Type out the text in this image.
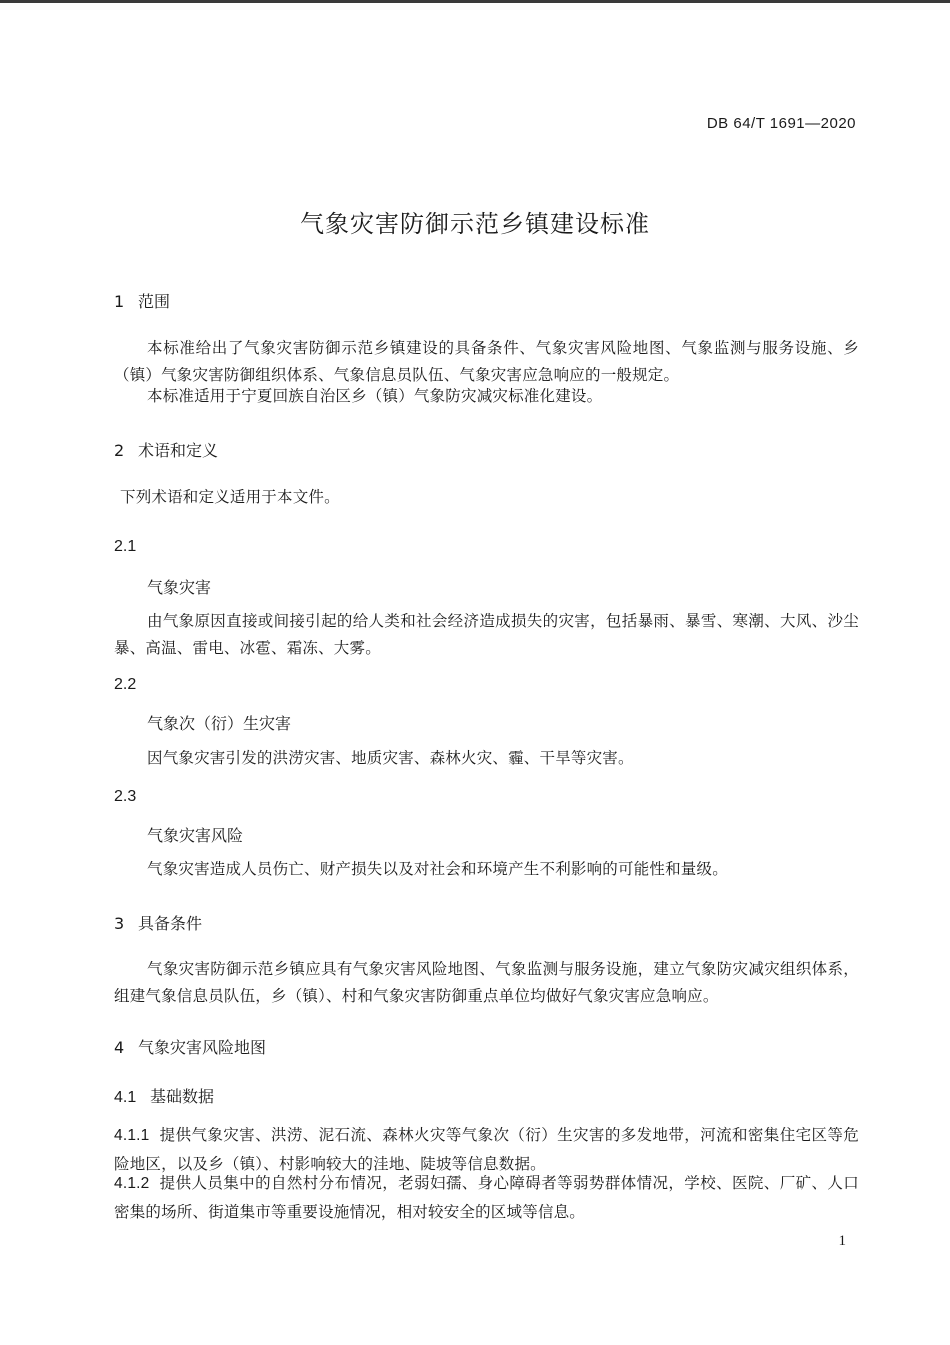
DB 64/T 1691—2020
气象灾害防御示范乡镇建设标准
1 范围
本标准给出了气象灾害防御示范乡镇建设的具备条件、气象灾害风险地图、气象监测与服务设施、乡（镇）气象灾害防御组织体系、气象信息员队伍、气象灾害应急响应的一般规定。
本标准适用于宁夏回族自治区乡（镇）气象防灾减灾标准化建设。
2 术语和定义
下列术语和定义适用于本文件。
2.1
气象灾害
由气象原因直接或间接引起的给人类和社会经济造成损失的灾害，包括暴雨、暴雪、寒潮、大风、沙尘暴、高温、雷电、冰雹、霜冻、大雾。
2.2
气象次（衍）生灾害
因气象灾害引发的洪涝灾害、地质灾害、森林火灾、霾、干旱等灾害。
2.3
气象灾害风险
气象灾害造成人员伤亡、财产损失以及对社会和环境产生不利影响的可能性和量级。
3 具备条件
气象灾害防御示范乡镇应具有气象灾害风险地图、气象监测与服务设施，建立气象防灾减灾组织体系，组建气象信息员队伍，乡（镇）、村和气象灾害防御重点单位均做好气象灾害应急响应。
4 气象灾害风险地图
4.1 基础数据
4.1.1 提供气象灾害、洪涝、泥石流、森林火灾等气象次（衍）生灾害的多发地带，河流和密集住宅区等危险地区，以及乡（镇）、村影响较大的洼地、陡坡等信息数据。
4.1.2 提供人员集中的自然村分布情况，老弱妇孺、身心障碍者等弱势群体情况，学校、医院、厂矿、人口密集的场所、街道集市等重要设施情况，相对较安全的区域等信息。
1
